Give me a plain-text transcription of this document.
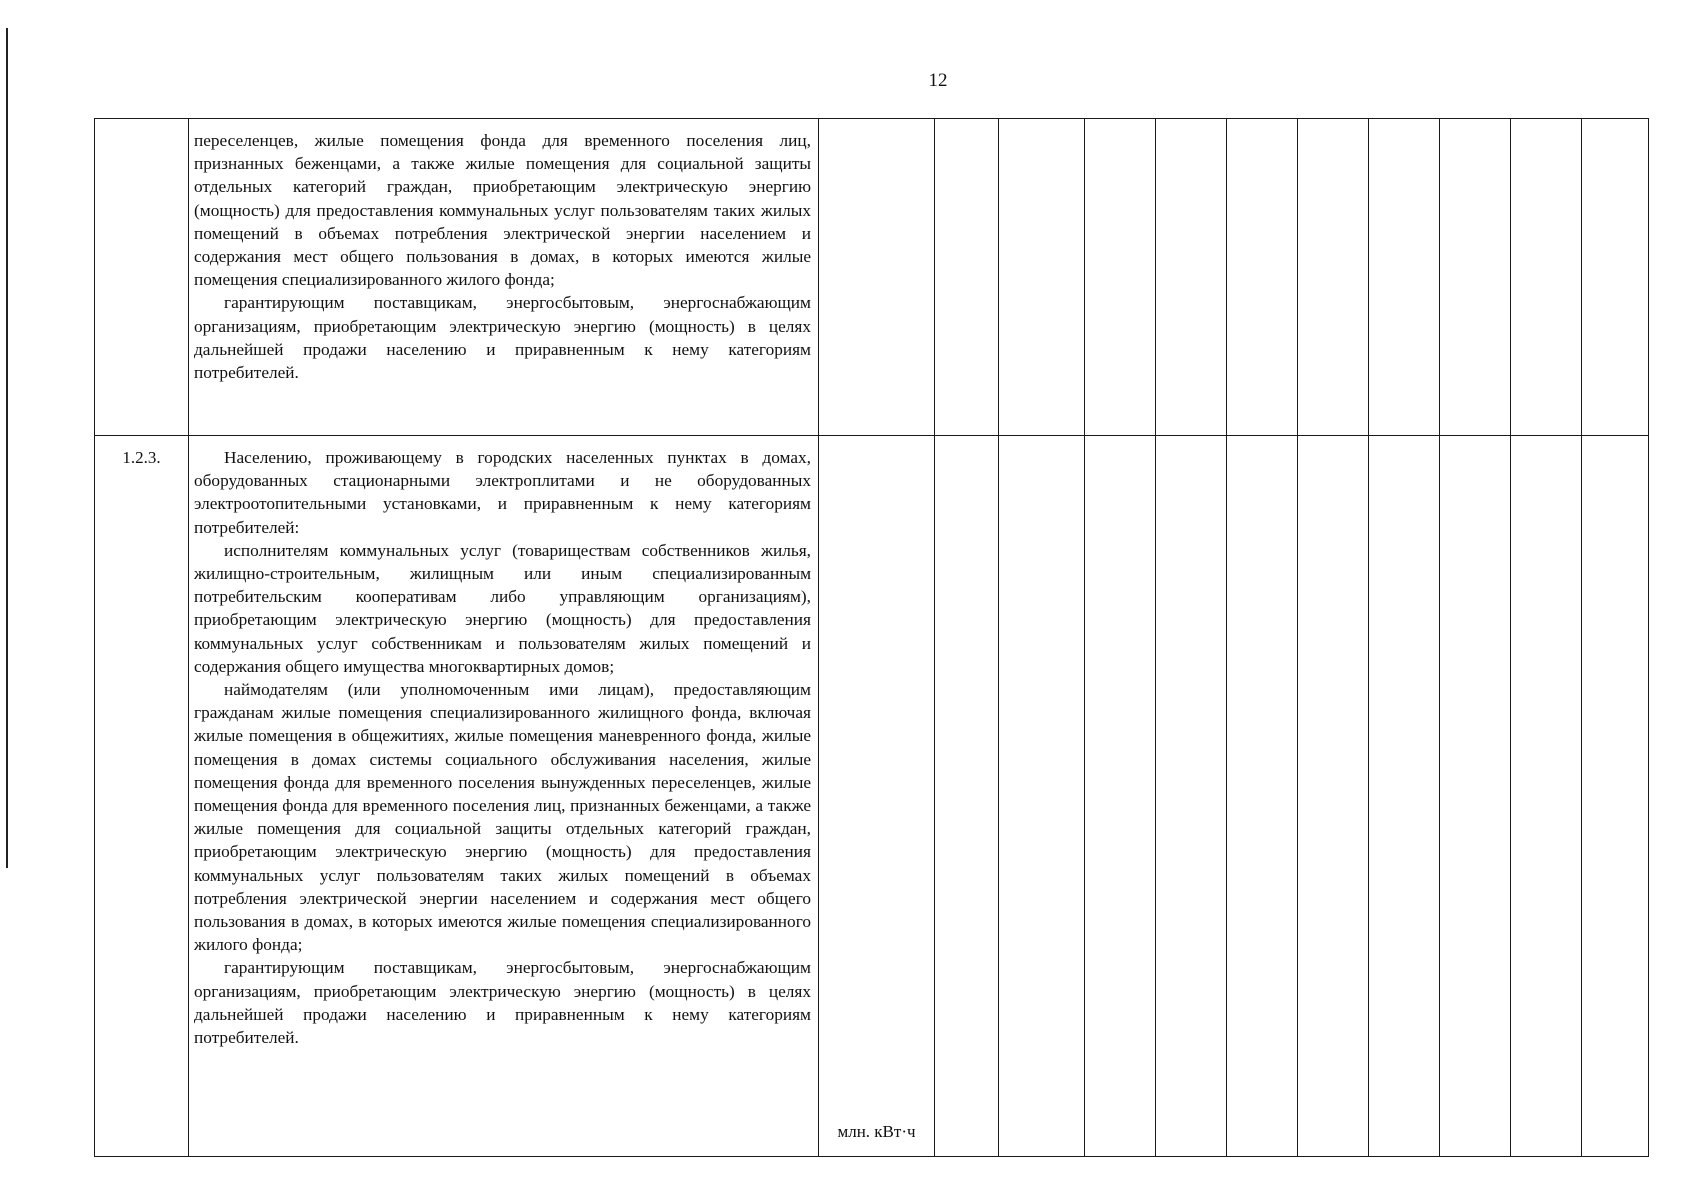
12

	переселенцев, жилые помещения фонда для временного поселения лиц, признанных беженцами, а также жилые помещения для социальной защиты отдельных категорий граждан, приобретающим электрическую энергию (мощность) для предоставления коммунальных услуг пользователям таких жилых помещений в объемах потребления электрической энергии населением и содержания мест общего пользования в домах, в которых имеются жилые помещения специализированного жилого фонда;

гарантирующим поставщикам, энергосбытовым, энергоснабжающим организациям, приобретающим электрическую энергию (мощность) в целях дальнейшей продажи населению и приравненным к нему категориям потребителей.											

1.2.3.	Населению, проживающему в городских населенных пунктах в домах, оборудованных стационарными электроплитами и не оборудованных электроотопительными установками, и приравненным к нему категориям потребителей:

исполнителям коммунальных услуг (товариществам собственников жилья, жилищно-строительным, жилищным или иным специализированным потребительским кооперативам либо управляющим организациям), приобретающим электрическую энергию (мощность) для предоставления коммунальных услуг собственникам и пользователям жилых помещений и содержания общего имущества многоквартирных домов;

наймодателям (или уполномоченным ими лицам), предоставляющим гражданам жилые помещения специализированного жилищного фонда, включая жилые помещения в общежитиях, жилые помещения маневренного фонда, жилые помещения в домах системы социального обслуживания населения, жилые помещения фонда для временного поселения вынужденных переселенцев, жилые помещения фонда для временного поселения лиц, признанных беженцами, а также жилые помещения для социальной защиты отдельных категорий граждан, приобретающим электрическую энергию (мощность) для предоставления коммунальных услуг пользователям таких жилых помещений в объемах потребления электрической энергии населением и содержания мест общего пользования в домах, в которых имеются жилые помещения специализированного жилого фонда;

гарантирующим поставщикам, энергосбытовым, энергоснабжающим организациям, приобретающим электрическую энергию (мощность) в целях дальнейшей продажи населению и приравненным к нему категориям потребителей.	млн. кВт·ч										
